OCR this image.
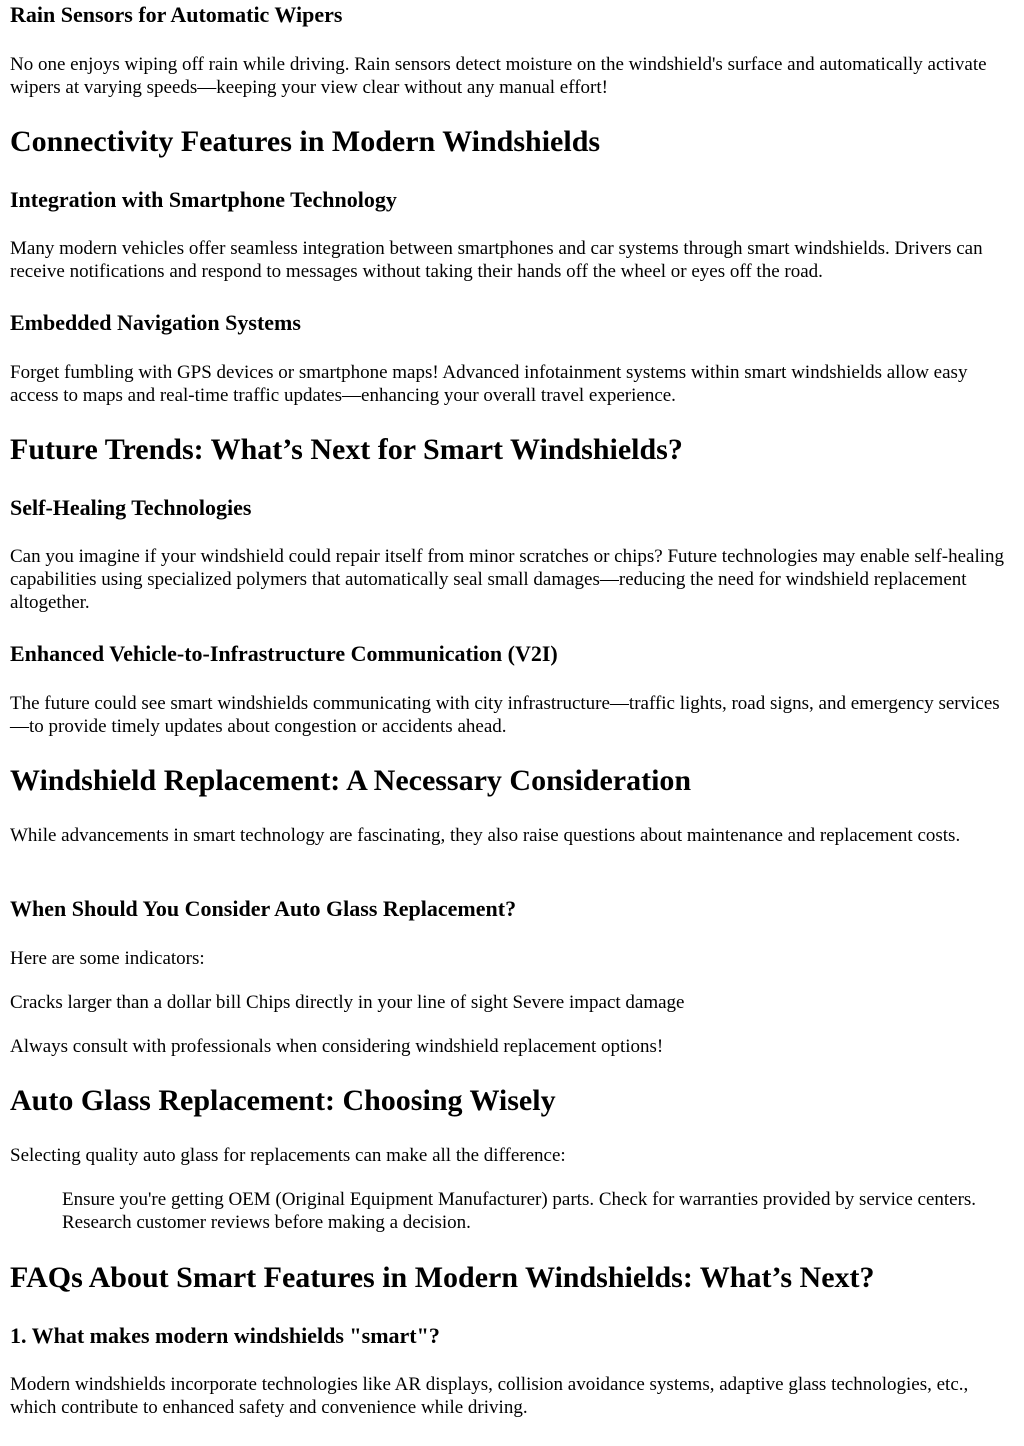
Rain Sensors for Automatic Wipers

No one enjoys wiping off rain while driving. Rain sensors detect moisture on the windshield's surface and automatically activate wipers at varying speeds—keeping your view clear without any manual effort!

Connectivity Features in Modern Windshields
Integration with Smartphone Technology

Many modern vehicles offer seamless integration between smartphones and car systems through smart windshields. Drivers can receive notifications and respond to messages without taking their hands off the wheel or eyes off the road.

Embedded Navigation Systems

Forget fumbling with GPS devices or smartphone maps! Advanced infotainment systems within smart windshields allow easy access to maps and real-time traffic updates—enhancing your overall travel experience.

Future Trends: What’s Next for Smart Windshields?
Self-Healing Technologies

Can you imagine if your windshield could repair itself from minor scratches or chips? Future technologies may enable self-healing capabilities using specialized polymers that automatically seal small damages—reducing the need for windshield replacement altogether.

Enhanced Vehicle-to-Infrastructure Communication (V2I)

The future could see smart windshields communicating with city infrastructure—traffic lights, road signs, and emergency services—to provide timely updates about congestion or accidents ahead.

Windshield Replacement: A Necessary Consideration

While advancements in smart technology are fascinating, they also raise questions about maintenance and replacement costs.

When Should You Consider Auto Glass Replacement?

Here are some indicators:

Cracks larger than a dollar bill Chips directly in your line of sight Severe impact damage

Always consult with professionals when considering windshield replacement options!

Auto Glass Replacement: Choosing Wisely

Selecting quality auto glass for replacements can make all the difference:

Ensure you're getting OEM (Original Equipment Manufacturer) parts. Check for warranties provided by service centers. Research customer reviews before making a decision.
FAQs About Smart Features in Modern Windshields: What’s Next?
1. What makes modern windshields "smart"?

Modern windshields incorporate technologies like AR displays, collision avoidance systems, adaptive glass technologies, etc., which contribute to enhanced safety and convenience while driving.
